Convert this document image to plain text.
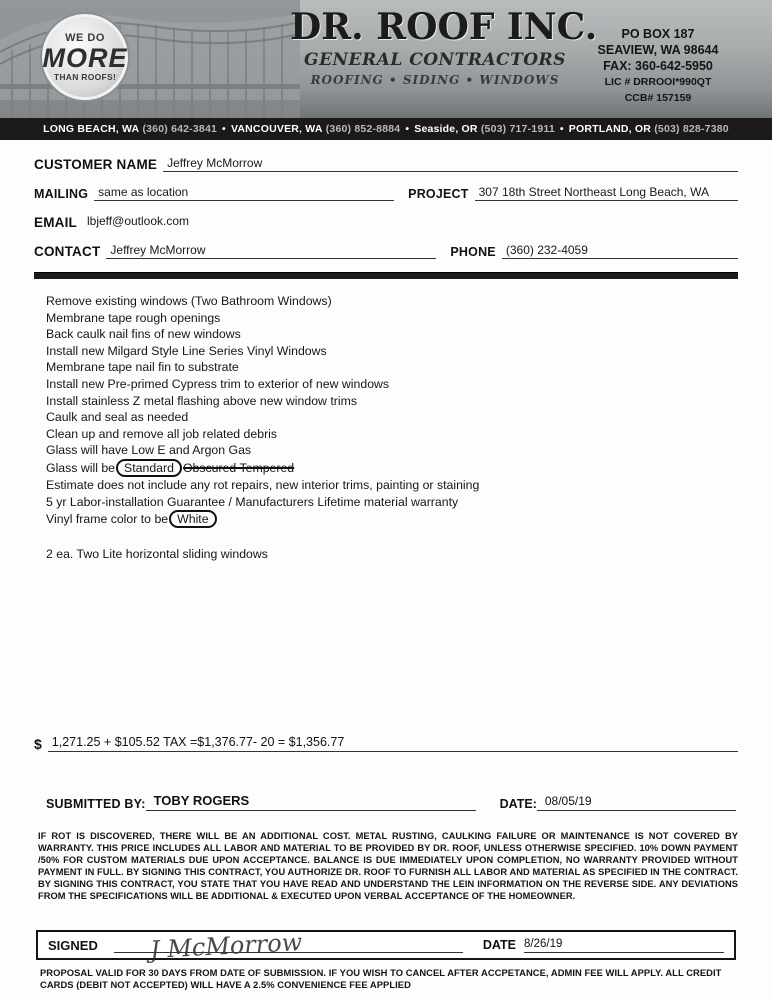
WE DO
MORE
THAN ROOFS!
DR. ROOF INC.
GENERAL CONTRACTORS
ROOFING • SIDING • WINDOWS
PO BOX 187
SEAVIEW, WA 98644
FAX: 360-642-5950
LIC # DRROOI*990QT
CCB# 157159
LONG BEACH, WA
(360) 642-3841 • VANCOUVER, WA
(360) 852-8884 • Seaside, OR
(503) 717-1911 • PORTLAND, OR
(503) 828-7380
CUSTOMER NAME Jeffrey McMorrow
MAILING same as location	PROJECT 307 18th Street Northeast Long Beach, WA
EMAIL lbjeff@outlook.com
CONTACT Jeffrey McMorrow	PHONE (360) 232-4059
Remove existing windows (Two Bathroom Windows)
Membrane tape rough openings
Back caulk nail fins of new windows
Install new Milgard Style Line Series Vinyl Windows
Membrane tape nail fin to substrate
Install new Pre-primed Cypress trim to exterior of new windows
Install stainless Z metal flashing above new window trims
Caulk and seal as needed
Clean up and remove all job related debris
Glass will have Low E and Argon Gas
Glass will be Standard Obscured Tempered
Estimate does not include any rot repairs, new interior trims, painting or staining
5 yr Labor-installation Guarantee / Manufacturers Lifetime material warranty
Vinyl frame color to be White
2 ea. Two Lite horizontal sliding windows
$ 1,271.25 + $105.52 TAX =$1,376.77- 20 = $1,356.77
SUBMITTED BY: TOBY ROGERS	DATE: 08/05/19
IF ROT IS DISCOVERED, THERE WILL BE AN ADDITIONAL COST. METAL RUSTING, CAULKING FAILURE OR MAINTENANCE IS NOT COVERED BY WARRANTY. THIS PRICE INCLUDES ALL LABOR AND MATERIAL TO BE PROVIDED BY DR. ROOF, UNLESS OTHERWISE SPECIFIED. 10% DOWN PAYMENT /50% FOR CUSTOM MATERIALS DUE UPON ACCEPTANCE. BALANCE IS DUE IMMEDIATELY UPON COMPLETION, NO WARRANTY PROVIDED WITHOUT PAYMENT IN FULL. BY SIGNING THIS CONTRACT, YOU AUTHORIZE DR. ROOF TO FURNISH ALL LABOR AND MATERIAL AS SPECIFIED IN THE CONTRACT. BY SIGNING THIS CONTRACT, YOU STATE THAT YOU HAVE READ AND UNDERSTAND THE LEIN INFORMATION ON THE REVERSE SIDE. ANY DEVIATIONS FROM THE SPECIFICATIONS WILL BE ADDITIONAL & EXECUTED UPON VERBAL ACCEPTANCE OF THE HOMEOWNER.
SIGNED J McMorrow	DATE 8/26/19
PROPOSAL VALID FOR 30 DAYS FROM DATE OF SUBMISSION. IF YOU WISH TO CANCEL AFTER ACCPETANCE, ADMIN FEE WILL APPLY. ALL CREDIT CARDS (DEBIT NOT ACCEPTED) WILL HAVE A 2.5% CONVENIENCE FEE APPLIED
